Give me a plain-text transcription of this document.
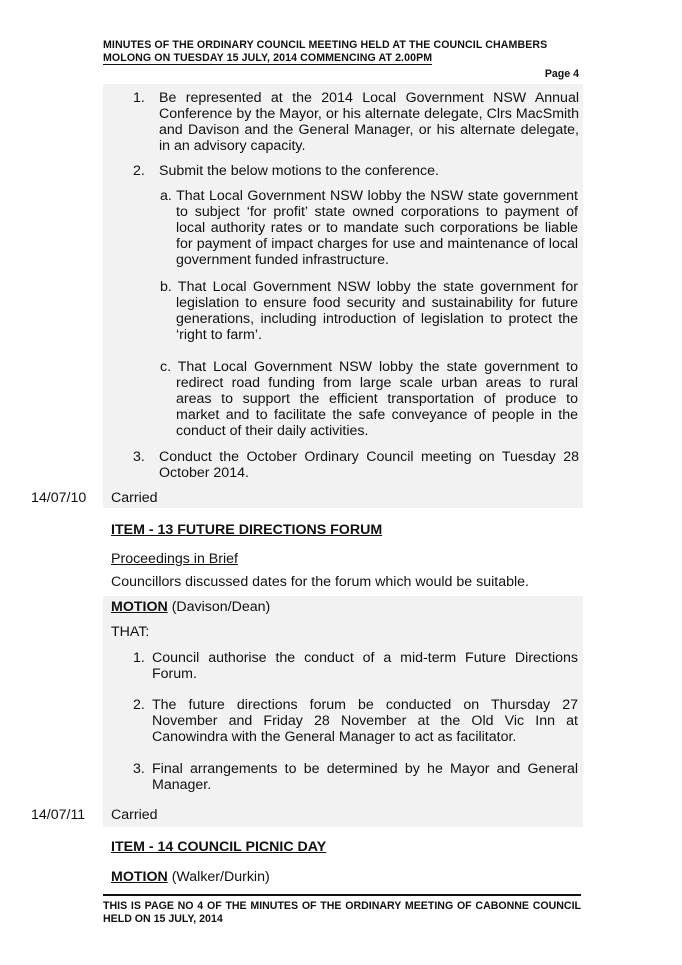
MINUTES OF THE ORDINARY COUNCIL MEETING HELD AT THE COUNCIL CHAMBERS
MOLONG ON TUESDAY 15 JULY, 2014 COMMENCING AT 2.00PM
Page 4
1. Be represented at the 2014 Local Government NSW Annual Conference by the Mayor, or his alternate delegate, Clrs MacSmith and Davison and the General Manager, or his alternate delegate, in an advisory capacity.
2. Submit the below motions to the conference.
a. That Local Government NSW lobby the NSW state government to subject ‘for profit’ state owned corporations to payment of local authority rates or to mandate such corporations be liable for payment of impact charges for use and maintenance of local government funded infrastructure.
b. That Local Government NSW lobby the state government for legislation to ensure food security and sustainability for future generations, including introduction of legislation to protect the ‘right to farm’.
c. That Local Government NSW lobby the state government to redirect road funding from large scale urban areas to rural areas to support the efficient transportation of produce to market and to facilitate the safe conveyance of people in the conduct of their daily activities.
3. Conduct the October Ordinary Council meeting on Tuesday 28 October 2014.
14/07/10 Carried
ITEM - 13 FUTURE DIRECTIONS FORUM
Proceedings in Brief
Councillors discussed dates for the forum which would be suitable.
MOTION (Davison/Dean)
THAT:
1. Council authorise the conduct of a mid-term Future Directions Forum.
2. The future directions forum be conducted on Thursday 27 November and Friday 28 November at the Old Vic Inn at Canowindra with the General Manager to act as facilitator.
3. Final arrangements to be determined by he Mayor and General Manager.
14/07/11 Carried
ITEM - 14 COUNCIL PICNIC DAY
MOTION (Walker/Durkin)
THIS IS PAGE NO 4 OF THE MINUTES OF THE ORDINARY MEETING OF CABONNE COUNCIL HELD ON 15 JULY, 2014
